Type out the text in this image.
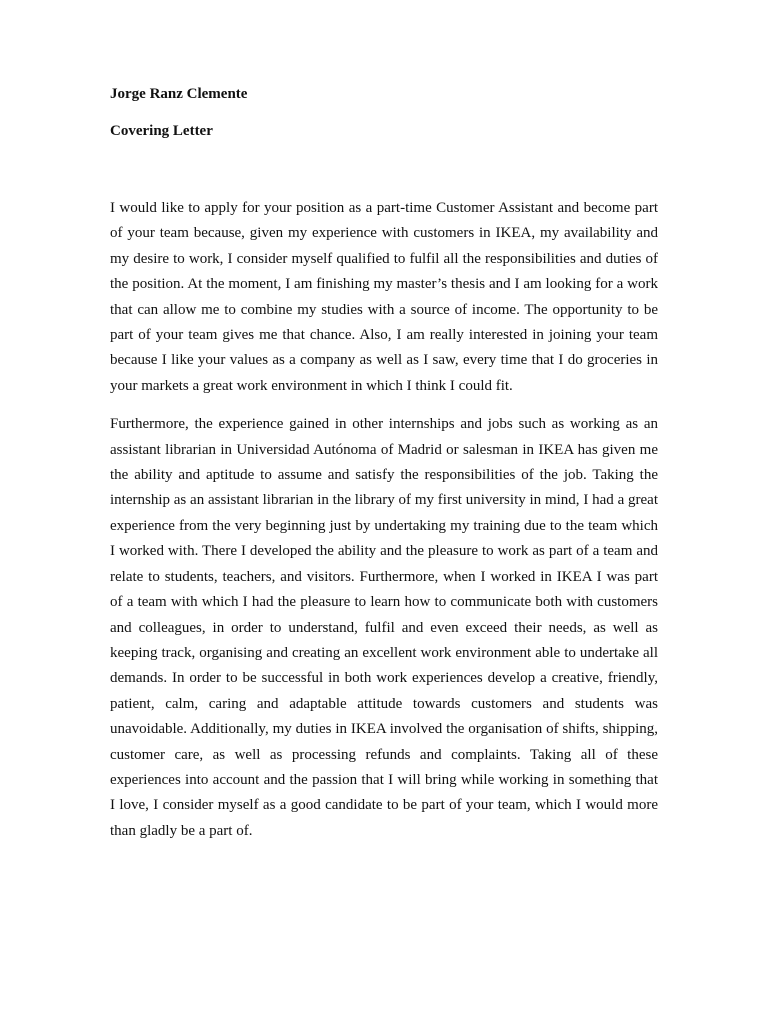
Jorge Ranz Clemente

Covering Letter

I would like to apply for your position as a part-time Customer Assistant and become part of your team because, given my experience with customers in IKEA, my availability and my desire to work, I consider myself qualified to fulfil all the responsibilities and duties of the position. At the moment, I am finishing my master’s thesis and I am looking for a work that can allow me to combine my studies with a source of income. The opportunity to be part of your team gives me that chance. Also, I am really interested in joining your team because I like your values as a company as well as I saw, every time that I do groceries in your markets a great work environment in which I think I could fit.

Furthermore, the experience gained in other internships and jobs such as working as an assistant librarian in Universidad Autónoma of Madrid or salesman in IKEA has given me the ability and aptitude to assume and satisfy the responsibilities of the job. Taking the internship as an assistant librarian in the library of my first university in mind, I had a great experience from the very beginning just by undertaking my training due to the team which I worked with. There I developed the ability and the pleasure to work as part of a team and relate to students, teachers, and visitors. Furthermore, when I worked in IKEA I was part of a team with which I had the pleasure to learn how to communicate both with customers and colleagues, in order to understand, fulfil and even exceed their needs, as well as keeping track, organising and creating an excellent work environment able to undertake all demands. In order to be successful in both work experiences develop a creative, friendly, patient, calm, caring and adaptable attitude towards customers and students was unavoidable. Additionally, my duties in IKEA involved the organisation of shifts, shipping, customer care, as well as processing refunds and complaints. Taking all of these experiences into account and the passion that I will bring while working in something that I love, I consider myself as a good candidate to be part of your team, which I would more than gladly be a part of.
